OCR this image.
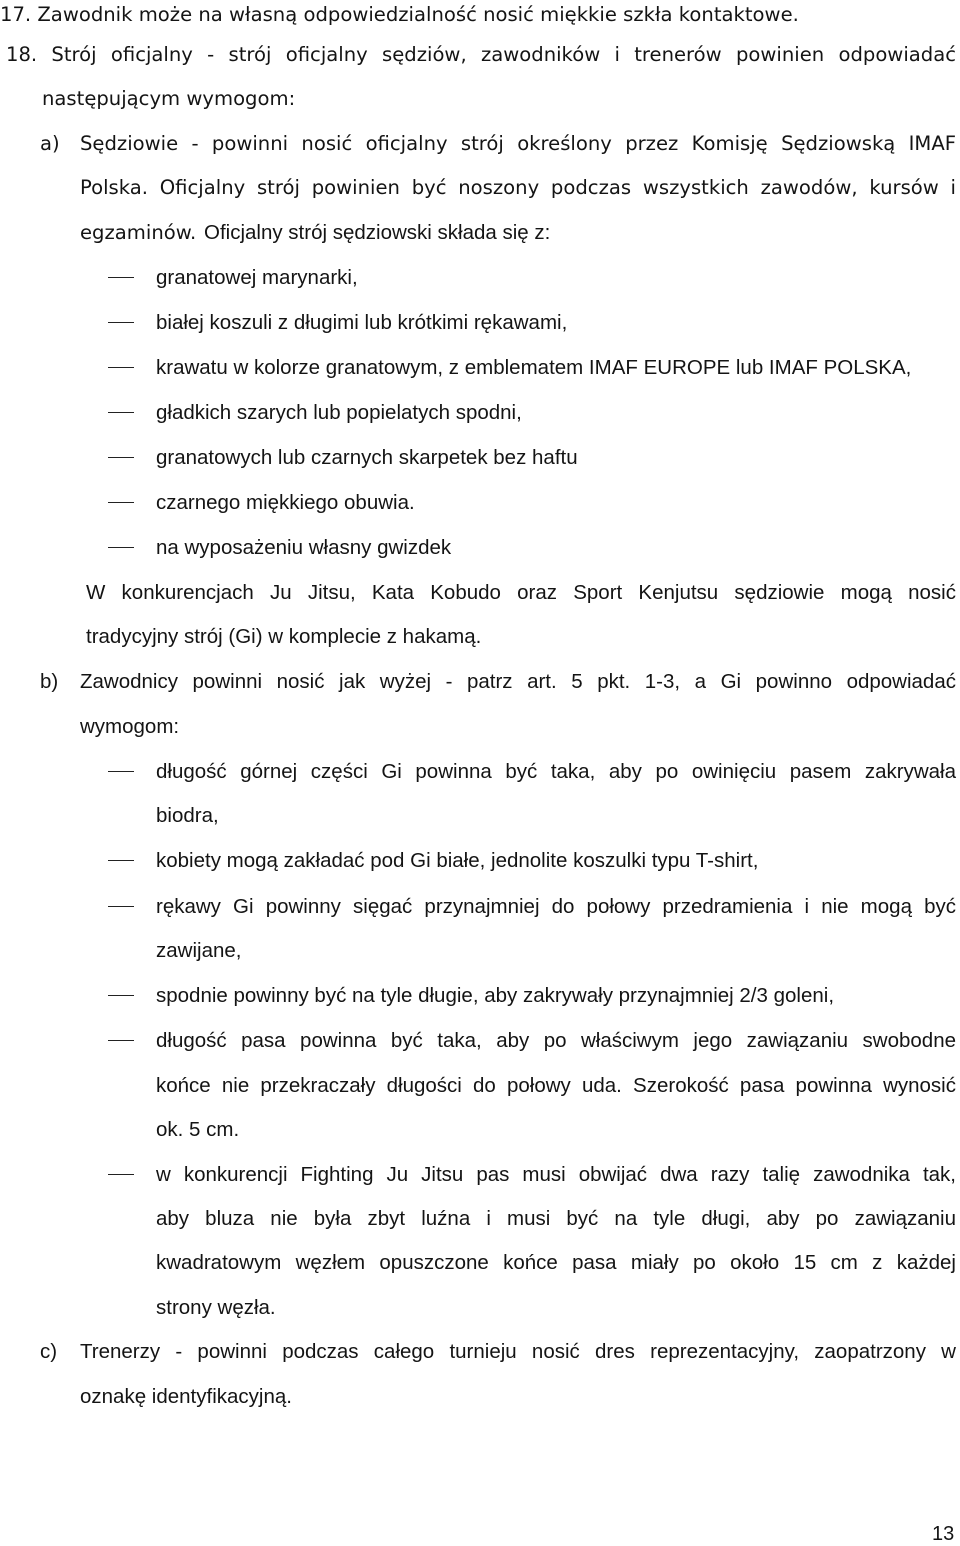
17. Zawodnik może na własną odpowiedzialność nosić miękkie szkła kontaktowe.
18. Strój oficjalny - strój oficjalny sędziów, zawodników i trenerów powinien odpowiadać
następującym wymogom:
a) Sędziowie - powinni nosić oficjalny strój określony przez Komisję Sędziowską IMAF
Polska. Oficjalny strój powinien być noszony podczas wszystkich zawodów, kursów i
egzaminów. Oficjalny strój sędziowski składa się z:
granatowej marynarki,
białej koszuli z długimi lub krótkimi rękawami,
krawatu w kolorze granatowym, z emblematem IMAF EUROPE lub IMAF POLSKA,
gładkich szarych lub popielatych spodni,
granatowych lub czarnych skarpetek bez haftu
czarnego miękkiego obuwia.
na wyposażeniu własny gwizdek
W konkurencjach Ju Jitsu, Kata Kobudo oraz Sport Kenjutsu sędziowie mogą nosić
tradycyjny strój (Gi) w komplecie z hakamą.
b) Zawodnicy powinni nosić jak wyżej - patrz art. 5 pkt. 1-3, a Gi powinno odpowiadać
wymogom:
długość górnej części Gi powinna być taka, aby po owinięciu pasem zakrywała
biodra,
kobiety mogą zakładać pod Gi białe, jednolite koszulki typu T-shirt,
rękawy Gi powinny sięgać przynajmniej do połowy przedramienia i nie mogą być
zawijane,
spodnie powinny być na tyle długie, aby zakrywały przynajmniej 2/3 goleni,
długość pasa powinna być taka, aby po właściwym jego zawiązaniu swobodne
końce nie przekraczały długości do połowy uda. Szerokość pasa powinna wynosić
ok. 5 cm.
w konkurencji Fighting Ju Jitsu pas musi obwijać dwa razy talię zawodnika tak,
aby bluza nie była zbyt luźna i musi być na tyle długi, aby po zawiązaniu
kwadratowym węzłem opuszczone końce pasa miały po około 15 cm z każdej
strony węzła.
c) Trenerzy - powinni podczas całego turnieju nosić dres reprezentacyjny, zaopatrzony w
oznakę identyfikacyjną.
13
